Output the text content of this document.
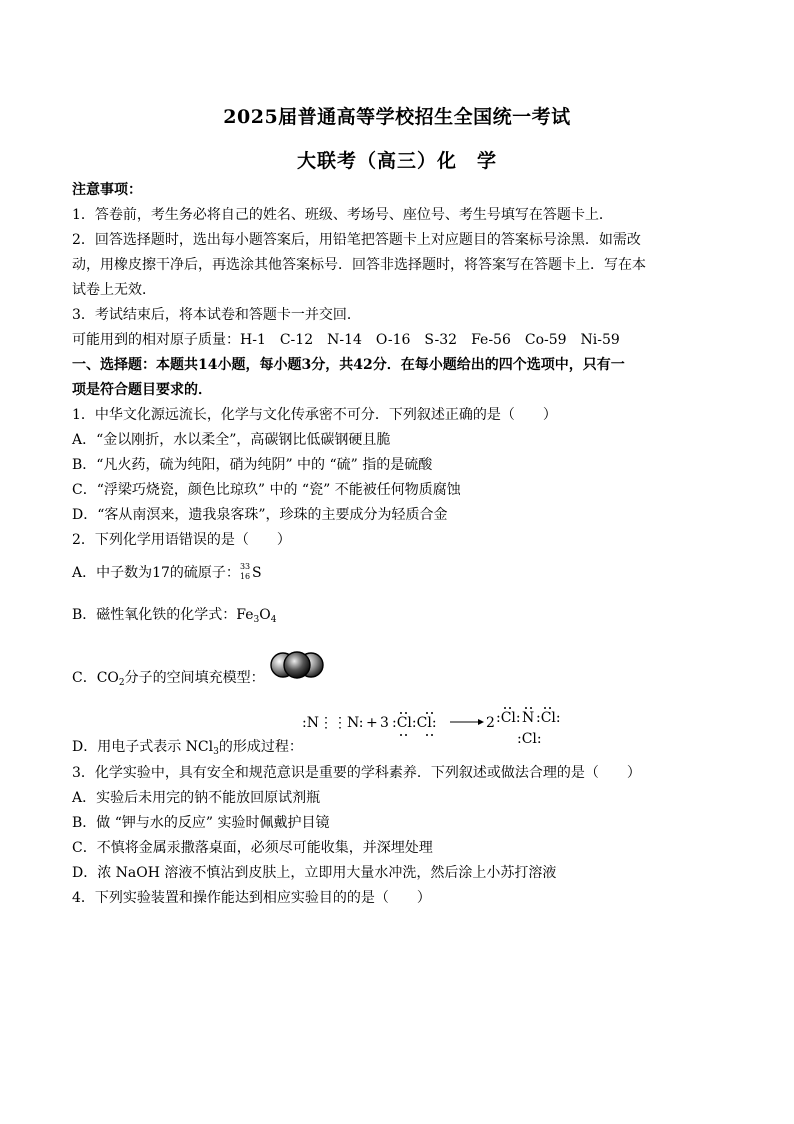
2025届普通高等学校招生全国统一考试
大联考（高三）化　学
注意事项：
1．答卷前，考生务必将自己的姓名、班级、考场号、座位号、考生号填写在答题卡上．
2．回答选择题时，选出每小题答案后，用铅笔把答题卡上对应题目的答案标号涂黑．如需改
动，用橡皮擦干净后，再选涂其他答案标号．回答非选择题时，将答案写在答题卡上．写在本
试卷上无效．
3．考试结束后，将本试卷和答题卡一并交回．
可能用到的相对原子质量：H-1　C-12　N-14　O-16　S-32　Fe-56　Co-59　Ni-59
一、选择题：本题共14小题，每小题3分，共42分．在每小题给出的四个选项中，只有一
项是符合题目要求的．
1．中华文化源远流长，化学与文化传承密不可分．下列叙述正确的是（　　）
A．“金以刚折，水以柔全”，高碳钢比低碳钢硬且脆
B．“凡火药，硫为纯阳，硝为纯阴” 中的 “硫” 指的是硫酸
C．“浮梁巧烧瓷，颜色比琼玖” 中的 “瓷” 不能被任何物质腐蚀
D．“客从南溟来，遗我泉客珠”，珍珠的主要成分为轻质合金
2．下列化学用语错误的是（　　）
A．中子数为17的硫原子： 33
16 S
B．磁性氧化铁的化学式：$Fe_3O_4$
C．$CO_2$分子的空间填充模型：
:N⋮⋮N: + 3 :Cl:Cl:	2 :Cl: N :Cl:
:Cl:
D．用电子式表示 NCl$_3$的形成过程：
3．化学实验中，具有安全和规范意识是重要的学科素养．下列叙述或做法合理的是（　　）
A．实验后未用完的钠不能放回原试剂瓶
B．做 “钾与水的反应” 实验时佩戴护目镜
C．不慎将金属汞撒落桌面，必须尽可能收集，并深埋处理
D．浓 NaOH 溶液不慎沾到皮肤上，立即用大量水冲洗，然后涂上小苏打溶液
4．下列实验装置和操作能达到相应实验目的的是（　　）
